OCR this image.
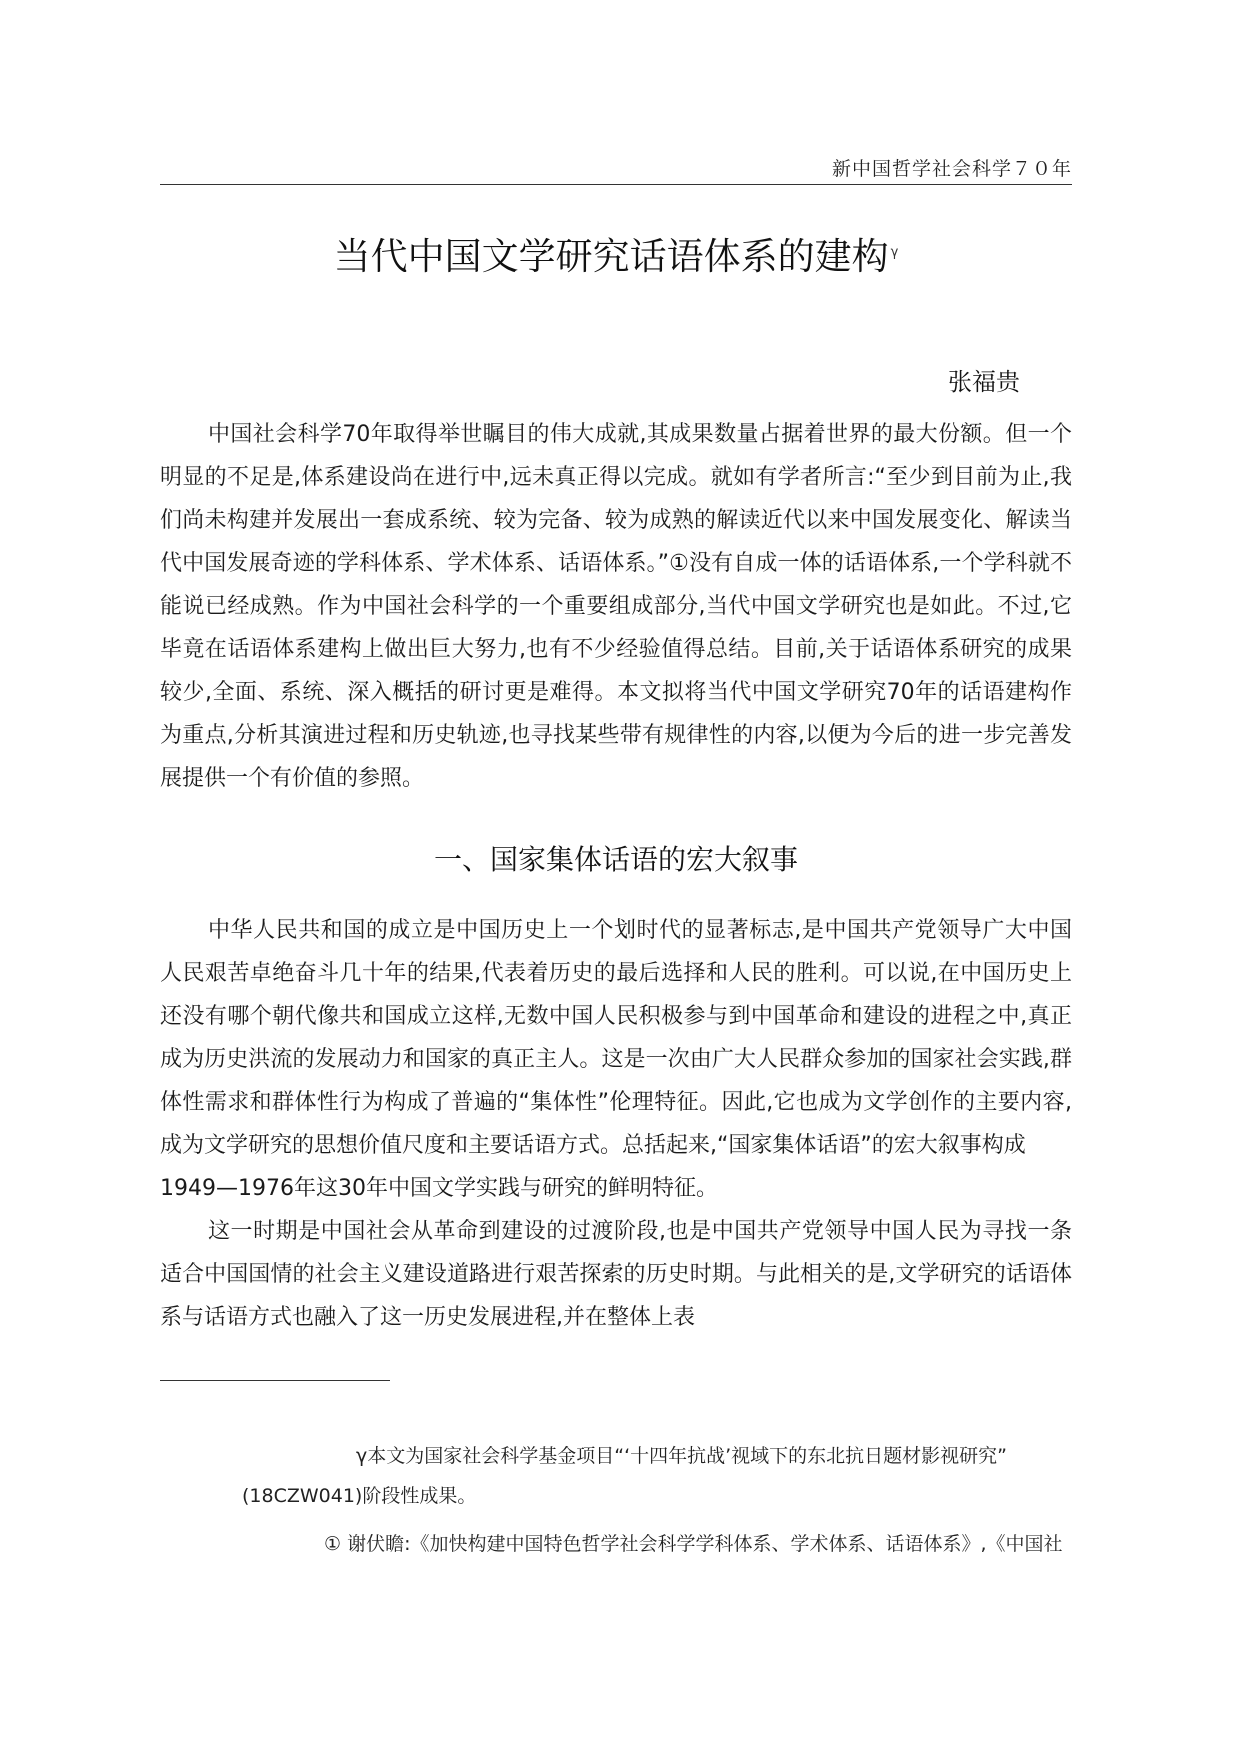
新中国哲学社会科学７０年
当代中国文学研究话语体系的建构 $^\gamma$
张福贵

中国社会科学70年取得举世瞩目的伟大成就,其成果数量占据着世界的最大份额。但一个明显的不足是,体系建设尚在进行中,远未真正得以完成。就如有学者所言:“至少到目前为止,我们尚未构建并发展出一套成系统、较为完备、较为成熟的解读近代以来中国发展变化、解读当代中国发展奇迹的学科体系、学术体系、话语体系。”①没有自成一体的话语体系,一个学科就不能说已经成熟。作为中国社会科学的一个重要组成部分,当代中国文学研究也是如此。不过,它毕竟在话语体系建构上做出巨大努力,也有不少经验值得总结。目前,关于话语体系研究的成果较少,全面、系统、深入概括的研讨更是难得。本文拟将当代中国文学研究70年的话语建构作为重点,分析其演进过程和历史轨迹,也寻找某些带有规律性的内容,以便为今后的进一步完善发展提供一个有价值的参照。

一、国家集体话语的宏大叙事

中华人民共和国的成立是中国历史上一个划时代的显著标志,是中国共产党领导广大中国人民艰苦卓绝奋斗几十年的结果,代表着历史的最后选择和人民的胜利。可以说,在中国历史上还没有哪个朝代像共和国成立这样,无数中国人民积极参与到中国革命和建设的进程之中,真正成为历史洪流的发展动力和国家的真正主人。这是一次由广大人民群众参加的国家社会实践,群体性需求和群体性行为构成了普遍的“集体性”伦理特征。因此,它也成为文学创作的主要内容,成为文学研究的思想价值尺度和主要话语方式。总括起来,“国家集体话语”的宏大叙事构成

1949—1976年这30年中国文学实践与研究的鲜明特征。

这一时期是中国社会从革命到建设的过渡阶段,也是中国共产党领导中国人民为寻找一条适合中国国情的社会主义建设道路进行艰苦探索的历史时期。与此相关的是,文学研究的话语体系与话语方式也融入了这一历史发展进程,并在整体上表

γ本文为国家社会科学基金项目“‘十四年抗战’视域下的东北抗日题材影视研究”
(18CZW041)阶段性成果。
① 谢伏瞻:《加快构建中国特色哲学社会科学学科体系、学术体系、话语体系》,《中国社
